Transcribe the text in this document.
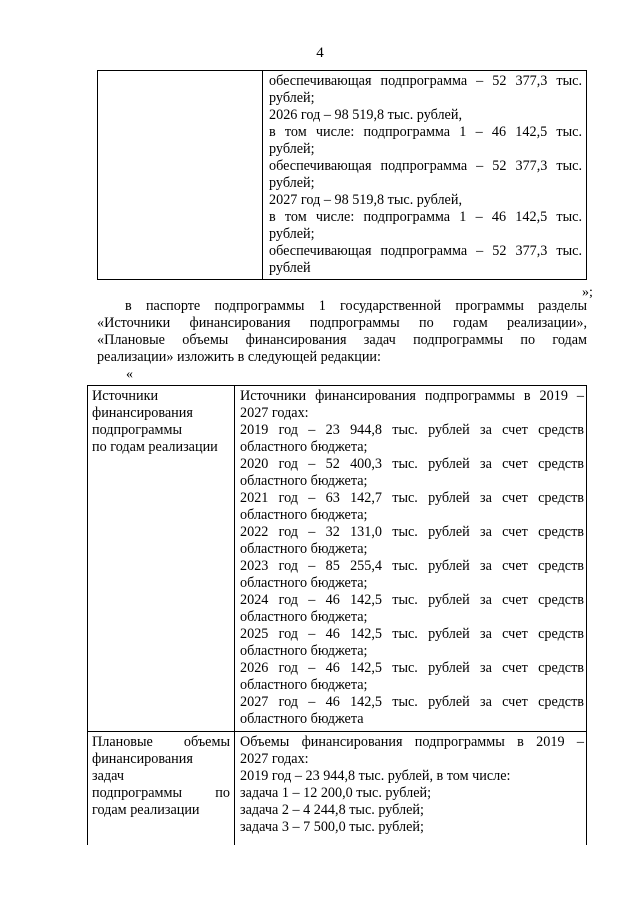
4
обеспечивающая подпрограмма – 52 377,3 тыс.
рублей;
2026 год – 98 519,8 тыс. рублей,
в том числе: подпрограмма 1 – 46 142,5 тыс.
рублей;
обеспечивающая подпрограмма – 52 377,3 тыс.
рублей;
2027 год – 98 519,8 тыс. рублей,
в том числе: подпрограмма 1 – 46 142,5 тыс.
рублей;
обеспечивающая подпрограмма – 52 377,3 тыс.
рублей
»;
в паспорте подпрограммы 1 государственной программы разделы
«Источники финансирования подпрограммы по годам реализации»,
«Плановые объемы финансирования задач подпрограммы по годам
реализации» изложить в следующей редакции:
«
Источники
финансирования
подпрограммы
по годам реализации
Источники финансирования подпрограммы в 2019 –
2027 годах:
2019 год – 23 944,8 тыс. рублей за счет средств
областного бюджета;
2020 год – 52 400,3 тыс. рублей за счет средств
областного бюджета;
2021 год – 63 142,7 тыс. рублей за счет средств
областного бюджета;
2022 год – 32 131,0 тыс. рублей за счет средств
областного бюджета;
2023 год – 85 255,4 тыс. рублей за счет средств
областного бюджета;
2024 год – 46 142,5 тыс. рублей за счет средств
областного бюджета;
2025 год – 46 142,5 тыс. рублей за счет средств
областного бюджета;
2026 год – 46 142,5 тыс. рублей за счет средств
областного бюджета;
2027 год – 46 142,5 тыс. рублей за счет средств
областного бюджета
Плановые объемы
финансирования
задач
подпрограммы по
годам реализации
Объемы финансирования подпрограммы в 2019 –
2027 годах:
2019 год – 23 944,8 тыс. рублей, в том числе:
задача 1 – 12 200,0 тыс. рублей;
задача 2 – 4 244,8 тыс. рублей;
задача 3 – 7 500,0 тыс. рублей;
